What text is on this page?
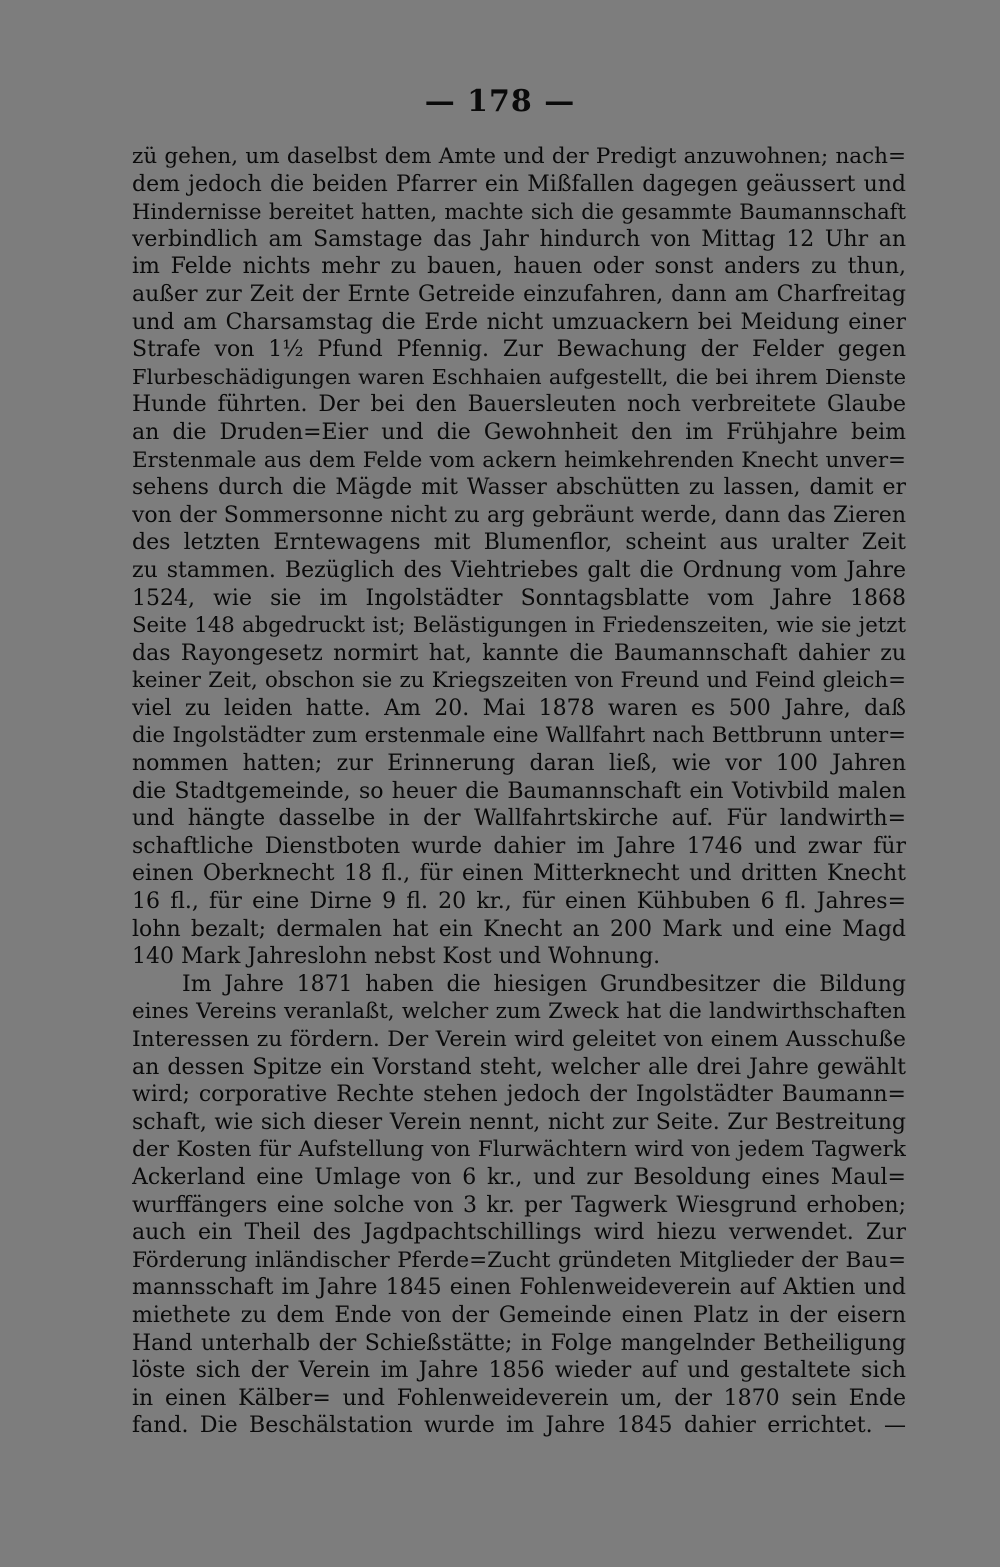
— 178 —
zü gehen, um daselbst dem Amte und der Predigt anzuwohnen; nach=
dem jedoch die beiden Pfarrer ein Mißfallen dagegen geäussert und
Hindernisse bereitet hatten, machte sich die gesammte Baumannschaft
verbindlich am Samstage das Jahr hindurch von Mittag 12 Uhr an
im Felde nichts mehr zu bauen, hauen oder sonst anders zu thun,
außer zur Zeit der Ernte Getreide einzufahren, dann am Charfreitag
und am Charsamstag die Erde nicht umzuackern bei Meidung einer
Strafe von 1½ Pfund Pfennig. Zur Bewachung der Felder gegen
Flurbeschädigungen waren Eschhaien aufgestellt, die bei ihrem Dienste
Hunde führten. Der bei den Bauersleuten noch verbreitete Glaube
an die Druden=Eier und die Gewohnheit den im Frühjahre beim
Erstenmale aus dem Felde vom ackern heimkehrenden Knecht unver=
sehens durch die Mägde mit Wasser abschütten zu lassen, damit er
von der Sommersonne nicht zu arg gebräunt werde, dann das Zieren
des letzten Erntewagens mit Blumenflor, scheint aus uralter Zeit
zu stammen. Bezüglich des Viehtriebes galt die Ordnung vom Jahre
1524, wie sie im Ingolstädter Sonntagsblatte vom Jahre 1868
Seite 148 abgedruckt ist; Belästigungen in Friedenszeiten, wie sie jetzt
das Rayongesetz normirt hat, kannte die Baumannschaft dahier zu
keiner Zeit, obschon sie zu Kriegszeiten von Freund und Feind gleich=
viel zu leiden hatte. Am 20. Mai 1878 waren es 500 Jahre, daß
die Ingolstädter zum erstenmale eine Wallfahrt nach Bettbrunn unter=
nommen hatten; zur Erinnerung daran ließ, wie vor 100 Jahren
die Stadtgemeinde, so heuer die Baumannschaft ein Votivbild malen
und hängte dasselbe in der Wallfahrtskirche auf. Für landwirth=
schaftliche Dienstboten wurde dahier im Jahre 1746 und zwar für
einen Oberknecht 18 fl., für einen Mitterknecht und dritten Knecht
16 fl., für eine Dirne 9 fl. 20 kr., für einen Kühbuben 6 fl. Jahres=
lohn bezalt; dermalen hat ein Knecht an 200 Mark und eine Magd
140 Mark Jahreslohn nebst Kost und Wohnung.
Im Jahre 1871 haben die hiesigen Grundbesitzer die Bildung
eines Vereins veranlaßt, welcher zum Zweck hat die landwirthschaften
Interessen zu fördern. Der Verein wird geleitet von einem Ausschuße
an dessen Spitze ein Vorstand steht, welcher alle drei Jahre gewählt
wird; corporative Rechte stehen jedoch der Ingolstädter Baumann=
schaft, wie sich dieser Verein nennt, nicht zur Seite. Zur Bestreitung
der Kosten für Aufstellung von Flurwächtern wird von jedem Tagwerk
Ackerland eine Umlage von 6 kr., und zur Besoldung eines Maul=
wurffängers eine solche von 3 kr. per Tagwerk Wiesgrund erhoben;
auch ein Theil des Jagdpachtschillings wird hiezu verwendet. Zur
Förderung inländischer Pferde=Zucht gründeten Mitglieder der Bau=
mannsschaft im Jahre 1845 einen Fohlenweideverein auf Aktien und
miethete zu dem Ende von der Gemeinde einen Platz in der eisern
Hand unterhalb der Schießstätte; in Folge mangelnder Betheiligung
löste sich der Verein im Jahre 1856 wieder auf und gestaltete sich
in einen Kälber= und Fohlenweideverein um, der 1870 sein Ende
fand. Die Beschälstation wurde im Jahre 1845 dahier errichtet. —
